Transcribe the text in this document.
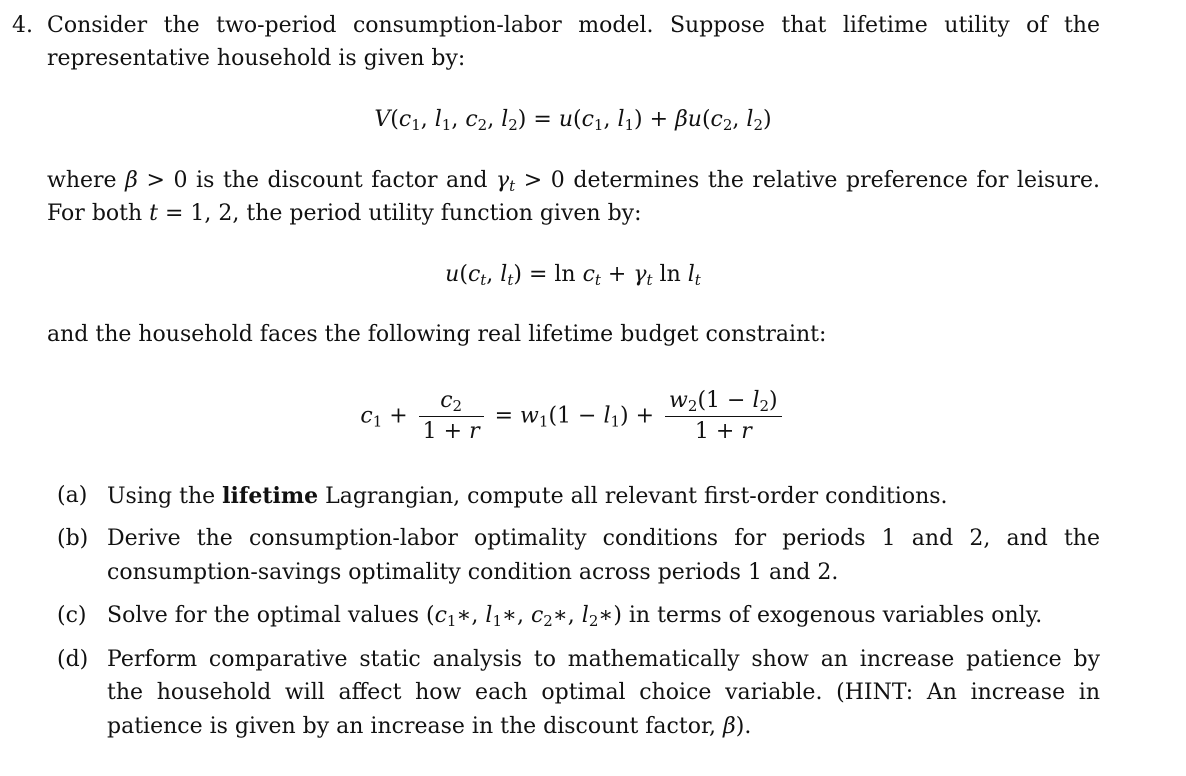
4. Consider the two-period consumption-labor model. Suppose that lifetime utility of the
representative household is given by:
$V(c_1$, $l_1$, $c_2$, $l_2) = u(c_1$, $l_1) + \beta u(c_2$, $l_2$)
where β > 0 is the discount factor and $\gamma_t > 0$ determines the relative preference for leisure.
For both t = 1, 2, the period utility function given by:
$u(c_t$, $l_t) = \ln c_t + \gamma_t$ $\ln l_t$
and the household faces the following real lifetime budget constraint:
$c_1 + \frac{c_2}{1 + r} = w_1(1 - l_1) + \frac{w_2(1 - l_2)}{1 + r}$
(a) Using the lifetime Lagrangian, compute all relevant first-order conditions.
(b) Derive the consumption-labor optimality conditions for periods 1 and 2, and the
consumption-savings optimality condition across periods 1 and 2.
(c) Solve for the optimal values ($c_1∗$, $l_1∗$, $c_2∗$, $l_2∗$) in terms of exogenous variables only.
(d) Perform comparative static analysis to mathematically show an increase patience by
the household will affect how each optimal choice variable. (HINT: An increase in
patience is given by an increase in the discount factor, β).
